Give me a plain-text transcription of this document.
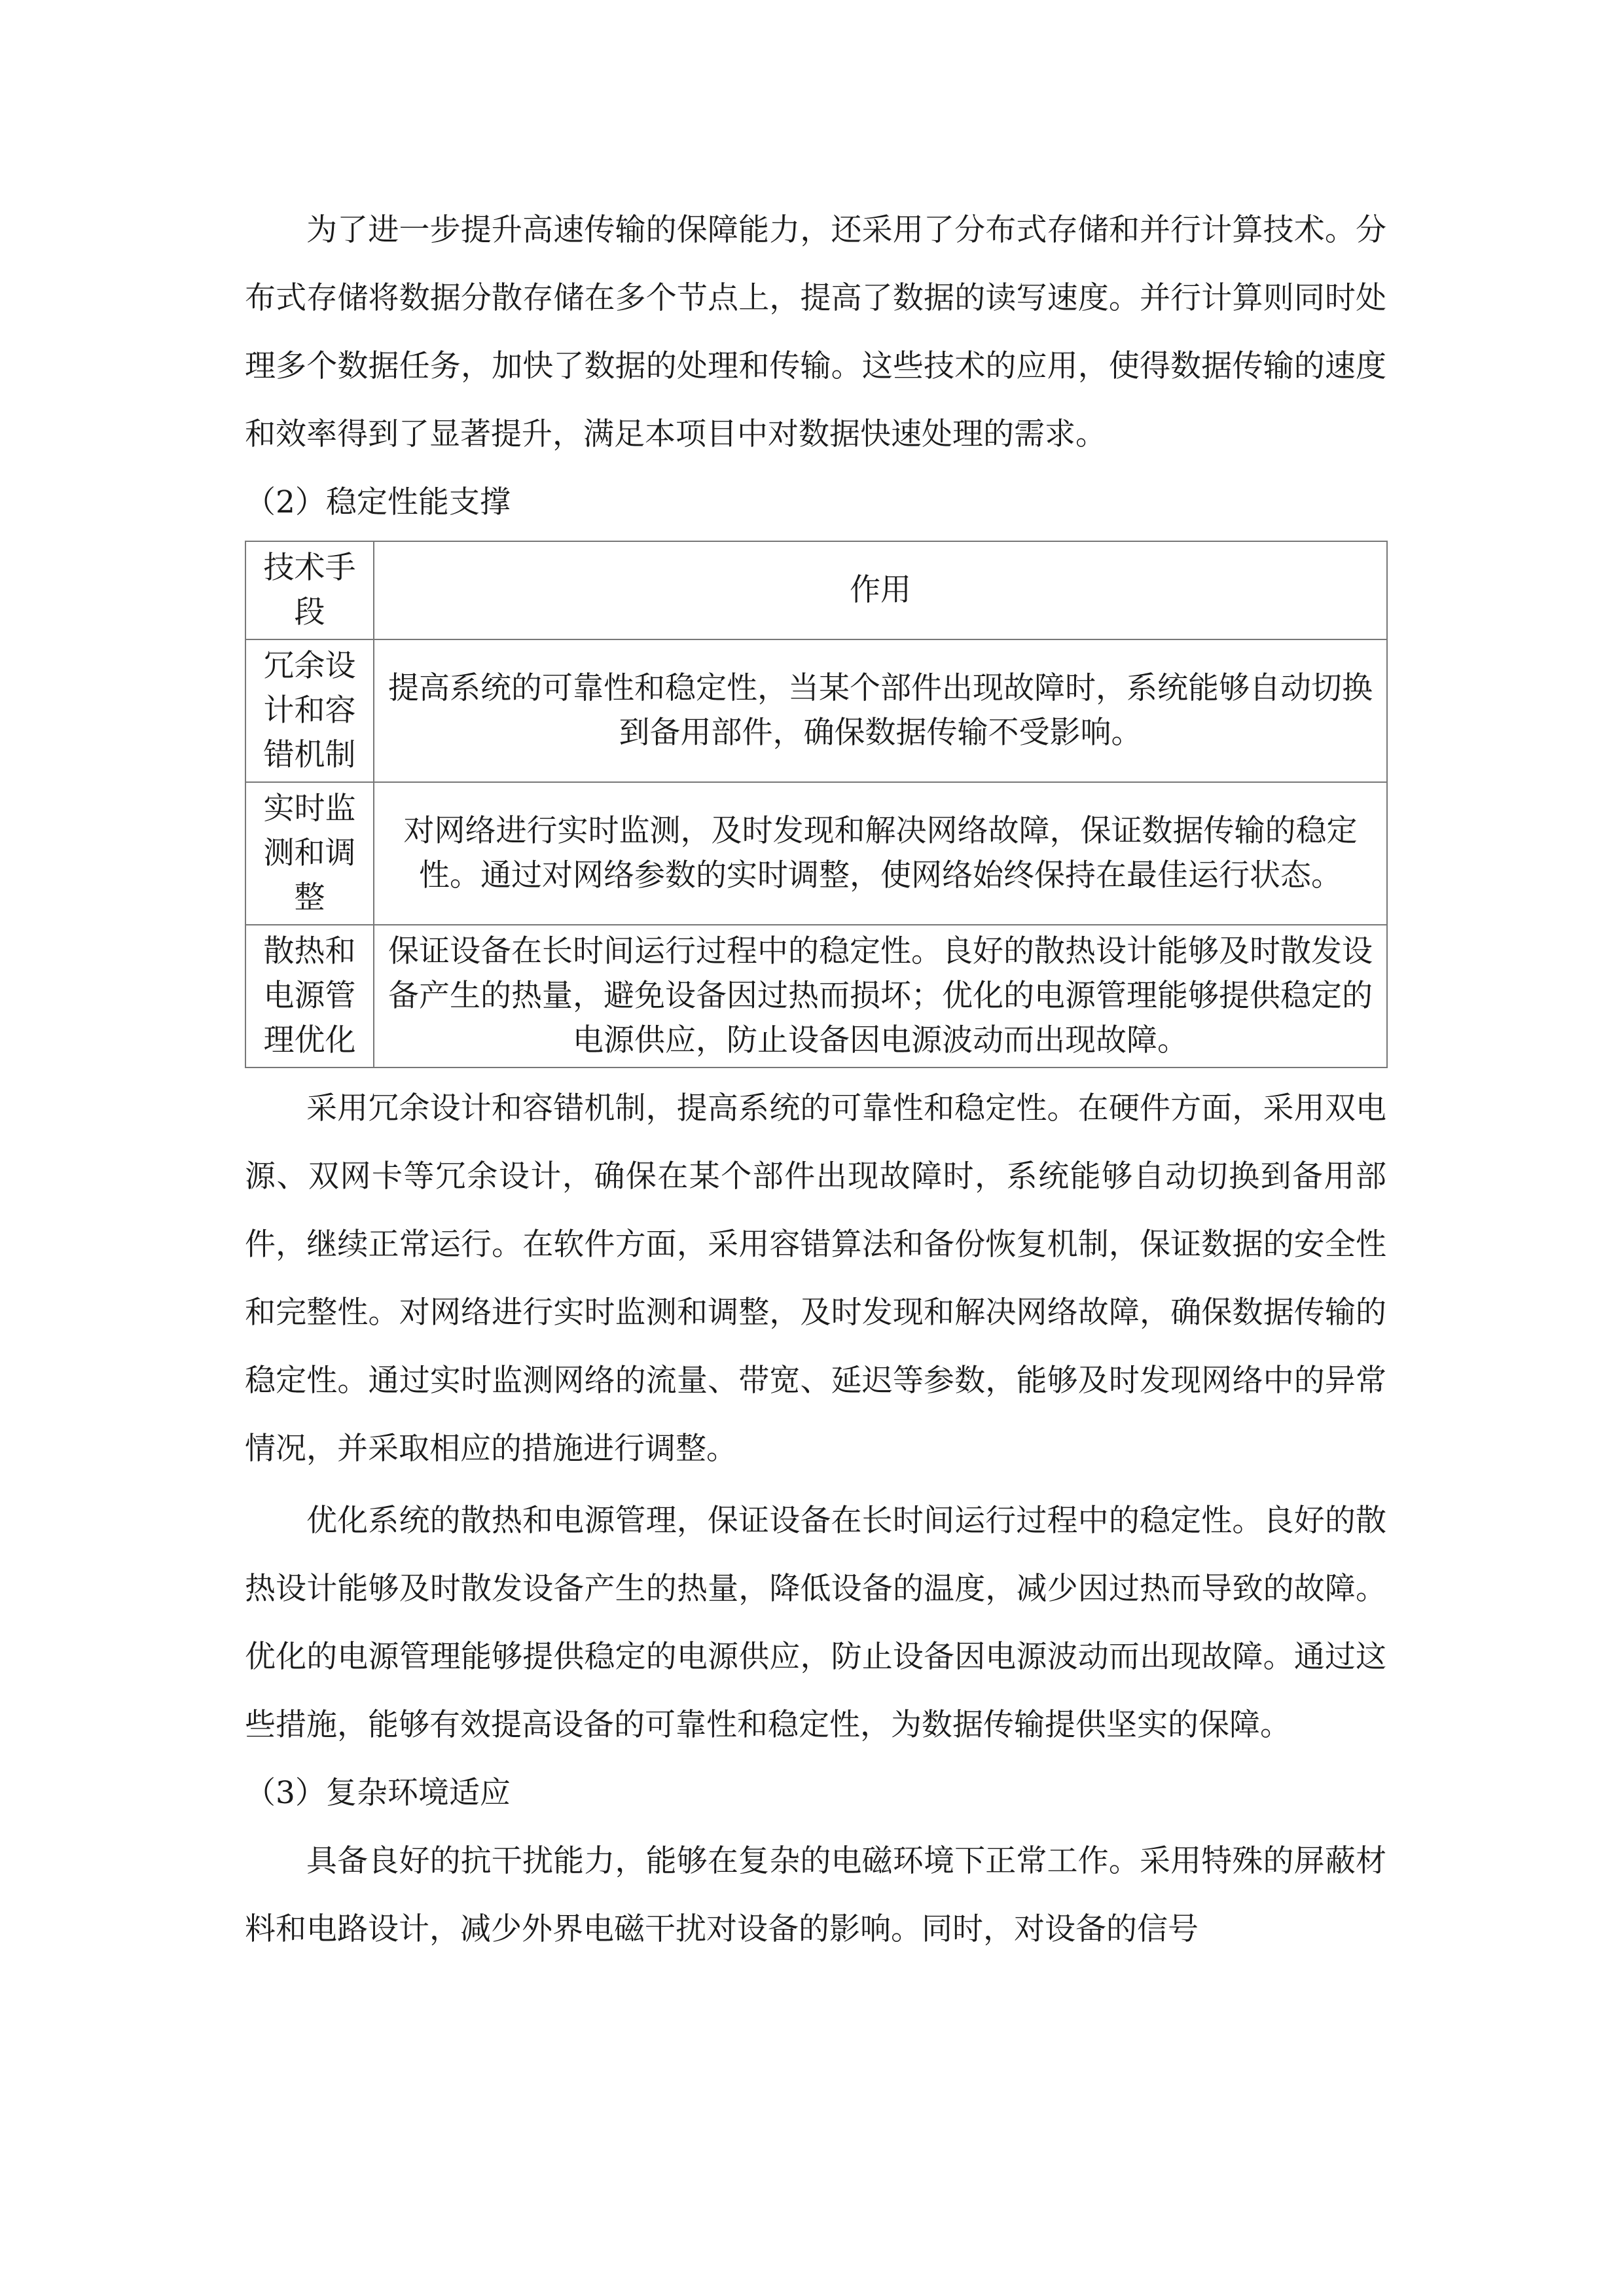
为了进一步提升高速传输的保障能力，还采用了分布式存储和并行计算技术。分布式存储将数据分散存储在多个节点上，提高了数据的读写速度。并行计算则同时处理多个数据任务，加快了数据的处理和传输。这些技术的应用，使得数据传输的速度和效率得到了显著提升，满足本项目中对数据快速处理的需求。

（2）稳定性能支撑

技术手段	作用
冗余设计和容错机制	提高系统的可靠性和稳定性，当某个部件出现故障时，系统能够自动切换到备用部件，确保数据传输不受影响。
实时监测和调整	对网络进行实时监测，及时发现和解决网络故障，保证数据传输的稳定性。通过对网络参数的实时调整，使网络始终保持在最佳运行状态。
散热和电源管理优化	保证设备在长时间运行过程中的稳定性。良好的散热设计能够及时散发设备产生的热量，避免设备因过热而损坏；优化的电源管理能够提供稳定的电源供应，防止设备因电源波动而出现故障。

采用冗余设计和容错机制，提高系统的可靠性和稳定性。在硬件方面，采用双电源、双网卡等冗余设计，确保在某个部件出现故障时，系统能够自动切换到备用部件，继续正常运行。在软件方面，采用容错算法和备份恢复机制，保证数据的安全性和完整性。对网络进行实时监测和调整，及时发现和解决网络故障，确保数据传输的稳定性。通过实时监测网络的流量、带宽、延迟等参数，能够及时发现网络中的异常情况，并采取相应的措施进行调整。

优化系统的散热和电源管理，保证设备在长时间运行过程中的稳定性。良好的散热设计能够及时散发设备产生的热量，降低设备的温度，减少因过热而导致的故障。优化的电源管理能够提供稳定的电源供应，防止设备因电源波动而出现故障。通过这些措施，能够有效提高设备的可靠性和稳定性，为数据传输提供坚实的保障。

（3）复杂环境适应

具备良好的抗干扰能力，能够在复杂的电磁环境下正常工作。采用特殊的屏蔽材料和电路设计，减少外界电磁干扰对设备的影响。同时，对设备的信号
